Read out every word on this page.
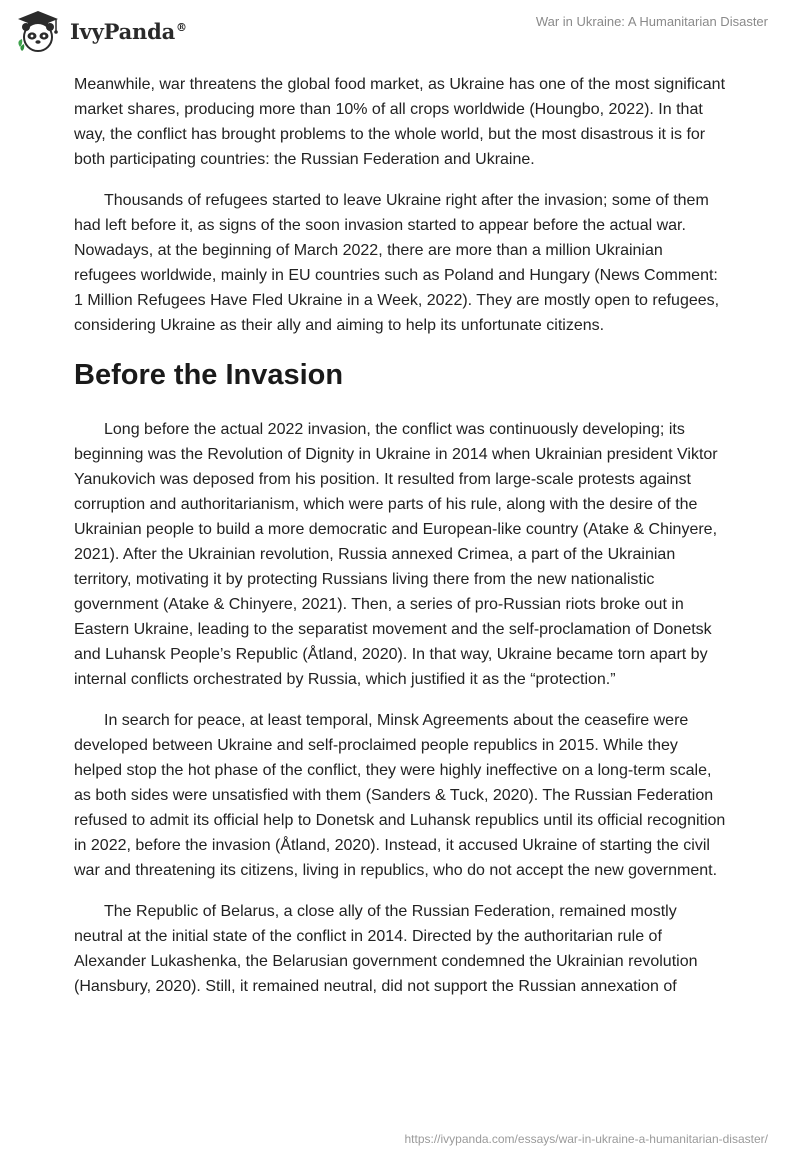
IvyPanda®	War in Ukraine: A Humanitarian Disaster

Meanwhile, war threatens the global food market, as Ukraine has one of the most significant market shares, producing more than 10% of all crops worldwide (Houngbo, 2022). In that way, the conflict has brought problems to the whole world, but the most disastrous it is for both participating countries: the Russian Federation and Ukraine.

Thousands of refugees started to leave Ukraine right after the invasion; some of them had left before it, as signs of the soon invasion started to appear before the actual war. Nowadays, at the beginning of March 2022, there are more than a million Ukrainian refugees worldwide, mainly in EU countries such as Poland and Hungary (News Comment: 1 Million Refugees Have Fled Ukraine in a Week, 2022). They are mostly open to refugees, considering Ukraine as their ally and aiming to help its unfortunate citizens.

Before the Invasion

Long before the actual 2022 invasion, the conflict was continuously developing; its beginning was the Revolution of Dignity in Ukraine in 2014 when Ukrainian president Viktor Yanukovich was deposed from his position. It resulted from large-scale protests against corruption and authoritarianism, which were parts of his rule, along with the desire of the Ukrainian people to build a more democratic and European-like country (Atake & Chinyere, 2021). After the Ukrainian revolution, Russia annexed Crimea, a part of the Ukrainian territory, motivating it by protecting Russians living there from the new nationalistic government (Atake & Chinyere, 2021). Then, a series of pro-Russian riots broke out in Eastern Ukraine, leading to the separatist movement and the self-proclamation of Donetsk and Luhansk People’s Republic (Åtland, 2020). In that way, Ukraine became torn apart by internal conflicts orchestrated by Russia, which justified it as the “protection.”

In search for peace, at least temporal, Minsk Agreements about the ceasefire were developed between Ukraine and self-proclaimed people republics in 2015. While they helped stop the hot phase of the conflict, they were highly ineffective on a long-term scale, as both sides were unsatisfied with them (Sanders & Tuck, 2020). The Russian Federation refused to admit its official help to Donetsk and Luhansk republics until its official recognition in 2022, before the invasion (Åtland, 2020). Instead, it accused Ukraine of starting the civil war and threatening its citizens, living in republics, who do not accept the new government.

The Republic of Belarus, a close ally of the Russian Federation, remained mostly neutral at the initial state of the conflict in 2014. Directed by the authoritarian rule of Alexander Lukashenka, the Belarusian government condemned the Ukrainian revolution (Hansbury, 2020). Still, it remained neutral, did not support the Russian annexation of

https://ivypanda.com/essays/war-in-ukraine-a-humanitarian-disaster/
